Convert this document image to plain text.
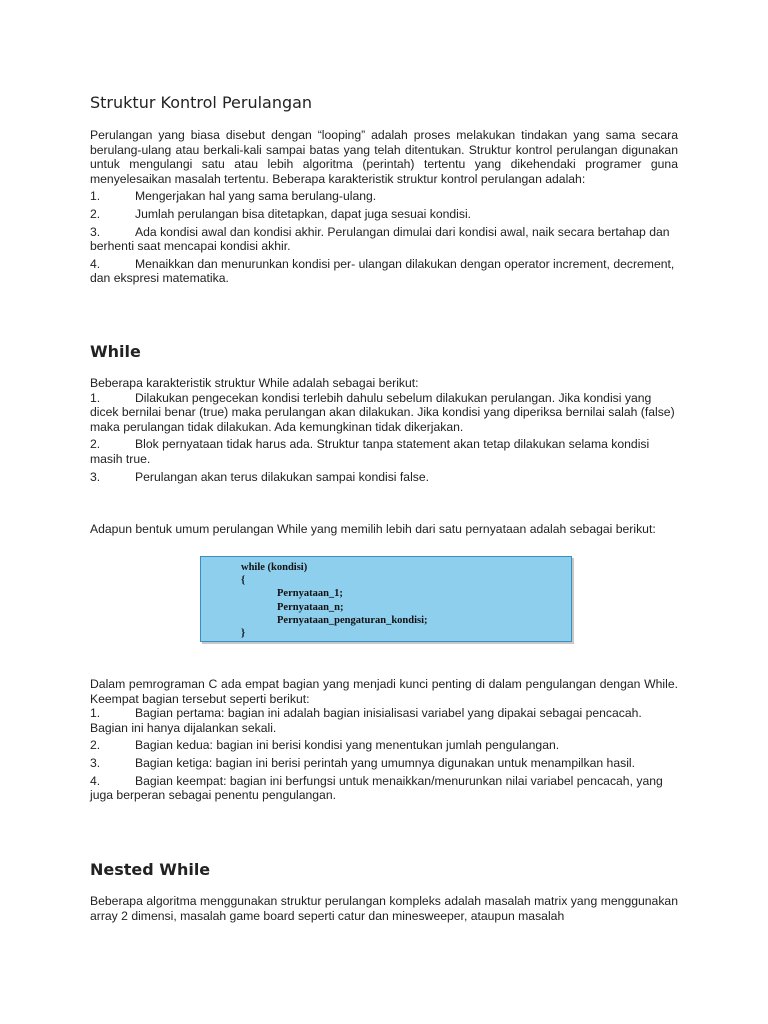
Struktur Kontrol Perulangan
Perulangan yang biasa disebut dengan “looping” adalah proses melakukan tindakan yang sama secara berulang-ulang atau berkali-kali sampai batas yang telah ditentukan. Struktur kontrol perulangan digunakan untuk mengulangi satu atau lebih algoritma (perintah) tertentu yang dikehendaki programer guna menyelesaikan masalah tertentu. Beberapa karakteristik struktur kontrol perulangan adalah:
1.	Mengerjakan hal yang sama berulang-ulang.
2.	Jumlah perulangan bisa ditetapkan, dapat juga sesuai kondisi.
3.	Ada kondisi awal dan kondisi akhir. Perulangan dimulai dari kondisi awal, naik secara bertahap dan berhenti saat mencapai kondisi akhir.
4.	Menaikkan dan menurunkan kondisi per- ulangan dilakukan dengan operator increment, decrement, dan ekspresi matematika.
While
Beberapa karakteristik struktur While adalah sebagai berikut:
1.	Dilakukan pengecekan kondisi terlebih dahulu sebelum dilakukan perulangan. Jika kondisi yang dicek bernilai benar (true) maka perulangan akan dilakukan. Jika kondisi yang diperiksa bernilai salah (false) maka perulangan tidak dilakukan. Ada kemungkinan tidak dikerjakan.
2.	Blok pernyataan tidak harus ada. Struktur tanpa statement akan tetap dilakukan selama kondisi masih true.
3.	Perulangan akan terus dilakukan sampai kondisi false.
Adapun bentuk umum perulangan While yang memilih lebih dari satu pernyataan adalah sebagai berikut:
while (kondisi)
{
Pernyataan_1;
Pernyataan_n;
Pernyataan_pengaturan_kondisi;
}
Dalam pemrograman C ada empat bagian yang menjadi kunci penting di dalam pengulangan dengan While. Keempat bagian tersebut seperti berikut:
1.	Bagian pertama: bagian ini adalah bagian inisialisasi variabel yang dipakai sebagai pencacah. Bagian ini hanya dijalankan sekali.
2.	Bagian kedua: bagian ini berisi kondisi yang menentukan jumlah pengulangan.
3.	Bagian ketiga: bagian ini berisi perintah yang umumnya digunakan untuk menampilkan hasil.
4.	Bagian keempat: bagian ini berfungsi untuk menaikkan/menurunkan nilai variabel pencacah, yang juga berperan sebagai penentu pengulangan.
Nested While
Beberapa algoritma menggunakan struktur perulangan kompleks adalah masalah matrix yang menggunakan array 2 dimensi, masalah game board seperti catur dan minesweeper, ataupun masalah
